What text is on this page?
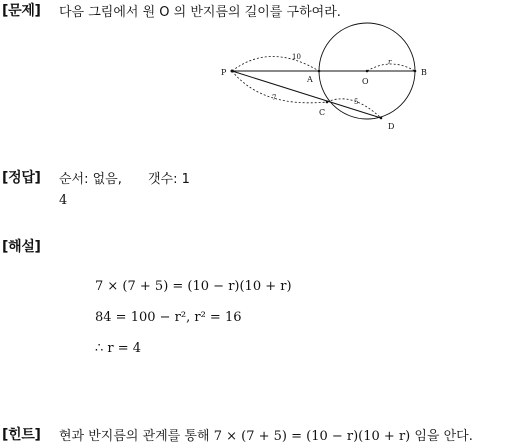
[문제] 다음 그림에서 원 O 의 반지름의 길이를 구하여라.
P
A	O
B
C
D
10
r
7	5
[정답] 순서: 없음, 갯수: 1
4
[해설]
7 × (7 + 5) = (10 − r)(10 + r)
84 = 100 − r², r² = 16
∴ r = 4
[힌트] 현과 반지름의 관계를 통해 7 × (7 + 5) = (10 − r)(10 + r) 임을 안다.
